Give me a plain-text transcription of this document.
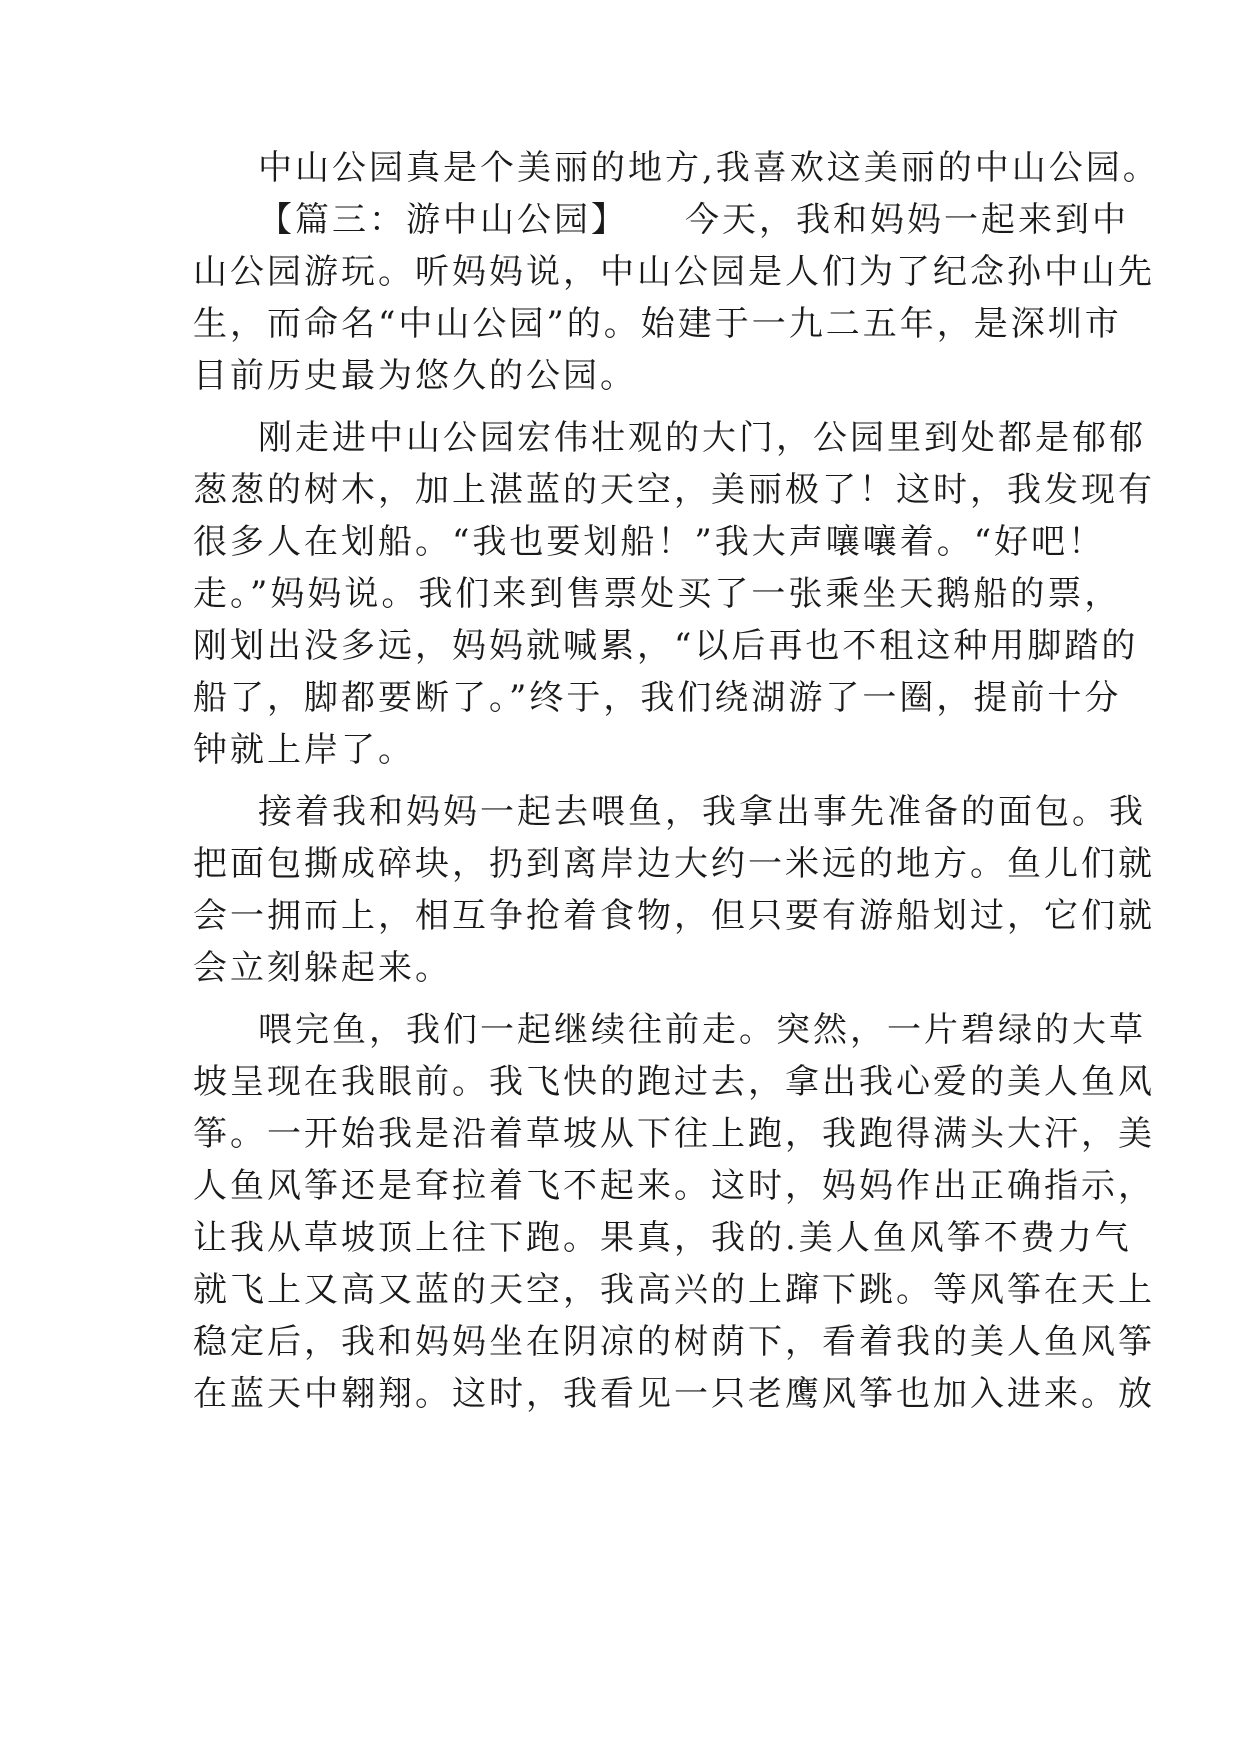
中山公园真是个美丽的地方,我喜欢这美丽的中山公园。
【篇三：游中山公园】　　今天，我和妈妈一起来到中
山公园游玩。听妈妈说，中山公园是人们为了纪念孙中山先
生，而命名“中山公园”的。始建于一九二五年，是深圳市
目前历史最为悠久的公园。
刚走进中山公园宏伟壮观的大门，公园里到处都是郁郁
葱葱的树木，加上湛蓝的天空，美丽极了！这时，我发现有
很多人在划船。“我也要划船！”我大声嚷嚷着。“好吧！
走。”妈妈说。我们来到售票处买了一张乘坐天鹅船的票，
刚划出没多远，妈妈就喊累，“以后再也不租这种用脚踏的
船了，脚都要断了。”终于，我们绕湖游了一圈，提前十分
钟就上岸了。
接着我和妈妈一起去喂鱼，我拿出事先准备的面包。我
把面包撕成碎块，扔到离岸边大约一米远的地方。鱼儿们就
会一拥而上，相互争抢着食物，但只要有游船划过，它们就
会立刻躲起来。
喂完鱼，我们一起继续往前走。突然，一片碧绿的大草
坡呈现在我眼前。我飞快的跑过去，拿出我心爱的美人鱼风
筝。一开始我是沿着草坡从下往上跑，我跑得满头大汗，美
人鱼风筝还是耷拉着飞不起来。这时，妈妈作出正确指示，
让我从草坡顶上往下跑。果真，我的.美人鱼风筝不费力气
就飞上又高又蓝的天空，我高兴的上蹿下跳。等风筝在天上
稳定后，我和妈妈坐在阴凉的树荫下，看着我的美人鱼风筝
在蓝天中翱翔。这时，我看见一只老鹰风筝也加入进来。放
